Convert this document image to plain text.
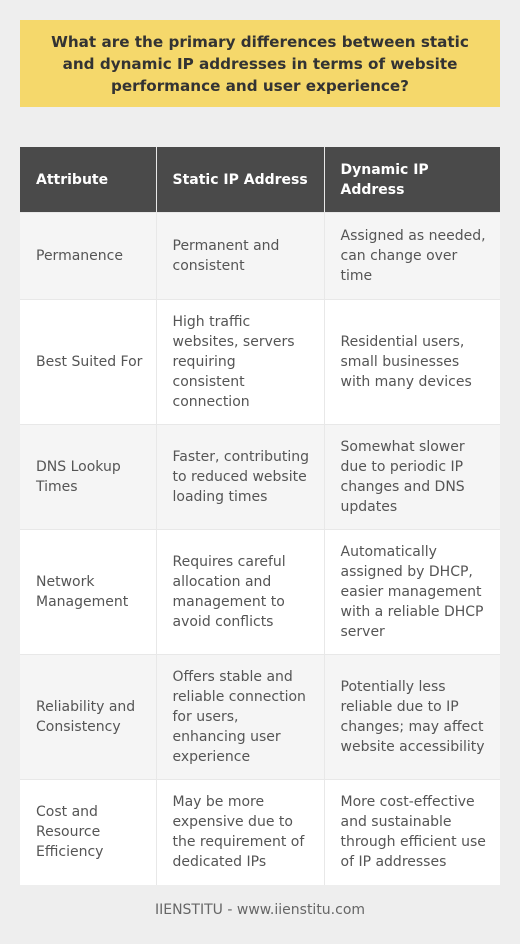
What are the primary differences between static and dynamic IP addresses in terms of website performance and user experience?
Attribute	Static IP Address	Dynamic IP Address
Permanence	Permanent and consistent	Assigned as needed, can change over time
Best Suited For	High traffic websites, servers requiring consistent connection	Residential users, small businesses with many devices
DNS Lookup Times	Faster, contributing to reduced website loading times	Somewhat slower due to periodic IP changes and DNS updates
Network Management	Requires careful allocation and management to avoid conflicts	Automatically assigned by DHCP, easier management with a reliable DHCP server
Reliability and Consistency	Offers stable and reliable connection for users, enhancing user experience	Potentially less reliable due to IP changes; may affect website accessibility
Cost and Resource Efficiency	May be more expensive due to the requirement of dedicated IPs	More cost-effective and sustainable through efficient use of IP addresses
IIENSTITU - www.iienstitu.com
